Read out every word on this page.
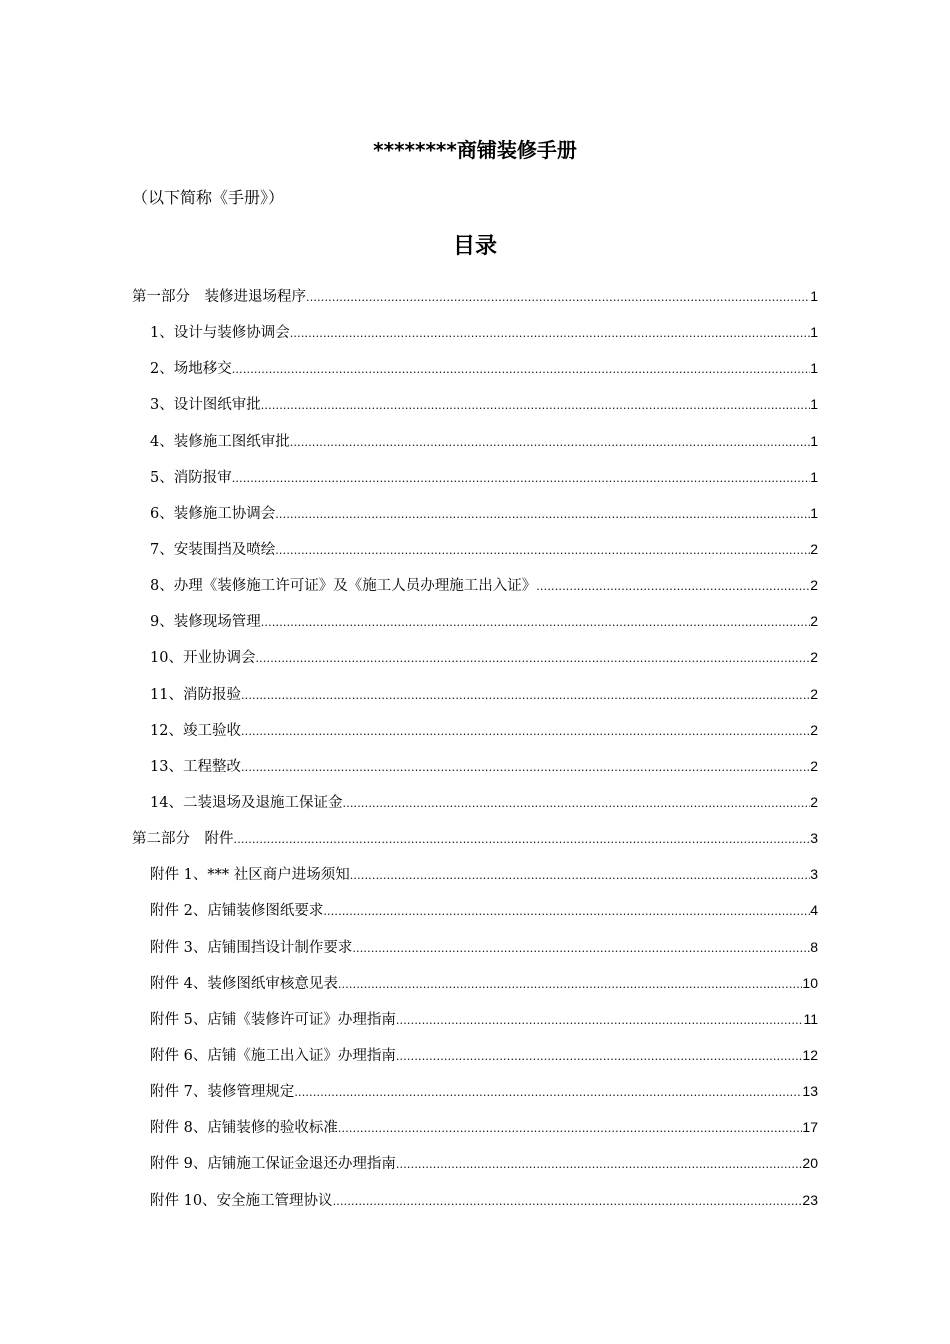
********商铺装修手册
（以下简称《手册》）
目录
第一部分　装修进退场程序 .....	1
1、设计与装修协调会 .....	1
2、场地移交 .....	1
3、设计图纸审批 .....	1
4、装修施工图纸审批 .....	1
5、消防报审 .....	1
6、装修施工协调会 .....	1
7、安装围挡及喷绘 .....	2
8、办理《装修施工许可证》及《施工人员办理施工出入证》 .....	2
9、装修现场管理 .....	2
10、开业协调会 .....	2
11、消防报验 .....	2
12、竣工验收 .....	2
13、工程整改 .....	2
14、二装退场及退施工保证金 .....	2
第二部分　附件 .....	3
附件 1、*** 社区商户进场须知 .....	3
附件 2、店铺装修图纸要求 .....	4
附件 3、店铺围挡设计制作要求 .....	8
附件 4、装修图纸审核意见表 .....	10
附件 5、店铺《装修许可证》办理指南 .....	11
附件 6、店铺《施工出入证》办理指南 .....	12
附件 7、装修管理规定 .....	13
附件 8、店铺装修的验收标准 .....	17
附件 9、店铺施工保证金退还办理指南 .....	20
附件 10、安全施工管理协议 .....	23
